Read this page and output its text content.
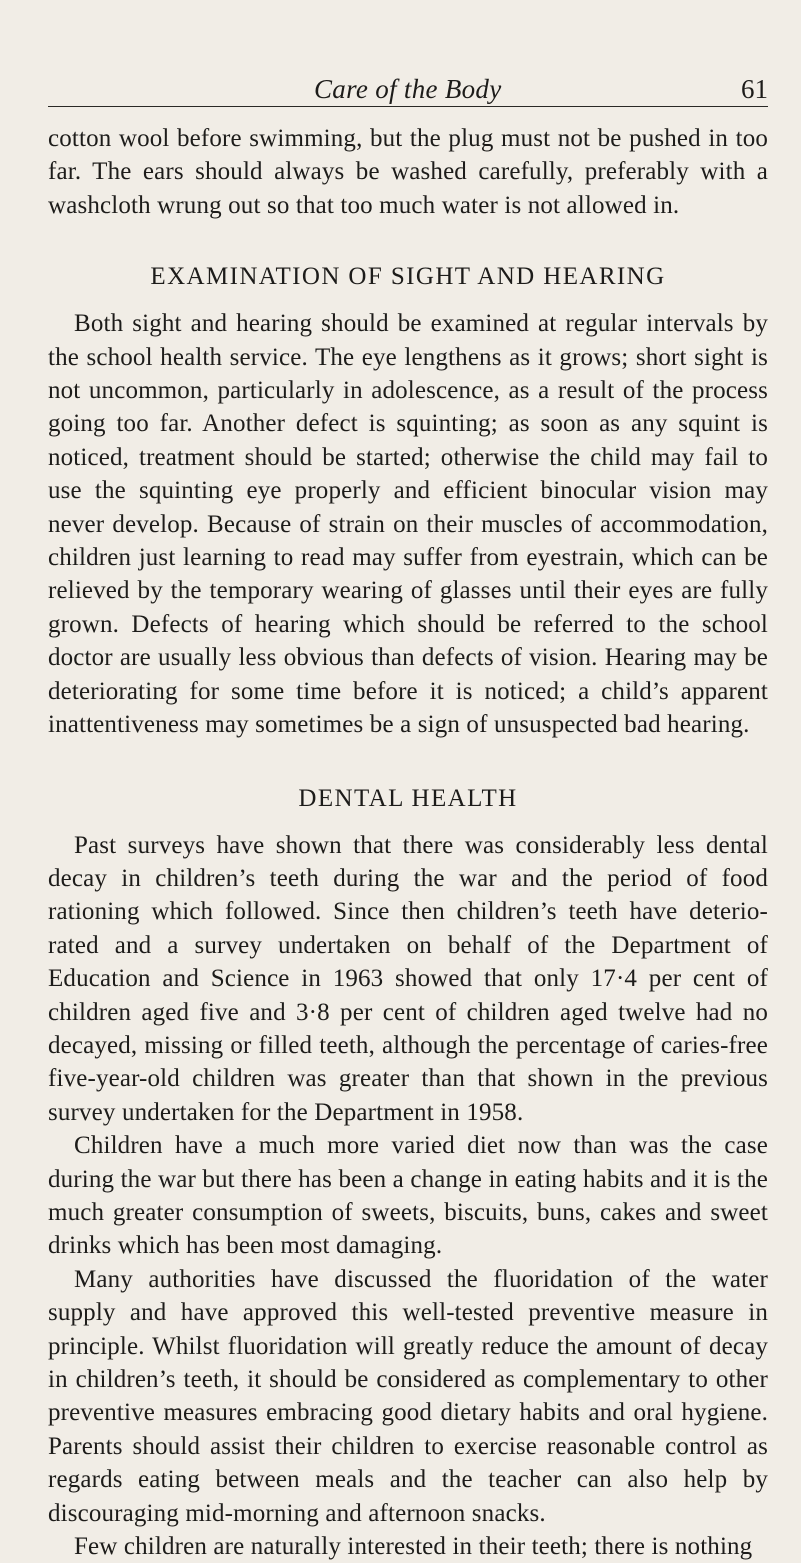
Care of the Body	61

cotton wool before swimming, but the plug must not be pushed in too far. The ears should always be washed carefully, preferably with a washcloth wrung out so that too much water is not allowed in.

EXAMINATION OF SIGHT AND HEARING

Both sight and hearing should be examined at regular intervals by the school health service. The eye lengthens as it grows; short sight is not uncommon, particularly in adolescence, as a result of the process going too far. Another defect is squinting; as soon as any squint is noticed, treatment should be started; otherwise the child may fail to use the squinting eye properly and efficient binocular vision may never develop. Because of strain on their muscles of accommodation, children just learning to read may suffer from eyestrain, which can be relieved by the temporary wearing of glasses until their eyes are fully grown. Defects of hearing which should be referred to the school doctor are usually less obvious than defects of vision. Hearing may be deteriorating for some time before it is noticed; a child’s apparent inattentiveness may sometimes be a sign of unsuspected bad hearing.

DENTAL HEALTH

Past surveys have shown that there was considerably less dental decay in children’s teeth during the war and the period of food rationing which followed. Since then children’s teeth have deterio-rated and a survey undertaken on behalf of the Department of Education and Science in 1963 showed that only 17·4 per cent of children aged five and 3·8 per cent of children aged twelve had no decayed, missing or filled teeth, although the percentage of caries-free five-year-old children was greater than that shown in the previous survey undertaken for the Department in 1958.

Children have a much more varied diet now than was the case during the war but there has been a change in eating habits and it is the much greater consumption of sweets, biscuits, buns, cakes and sweet drinks which has been most damaging.

Many authorities have discussed the fluoridation of the water supply and have approved this well-tested preventive measure in principle. Whilst fluoridation will greatly reduce the amount of decay in children’s teeth, it should be considered as complementary to other preventive measures embracing good dietary habits and oral hygiene. Parents should assist their children to exercise reasonable control as regards eating between meals and the teacher can also help by discouraging mid-morning and afternoon snacks.

Few children are naturally interested in their teeth; there is nothing
